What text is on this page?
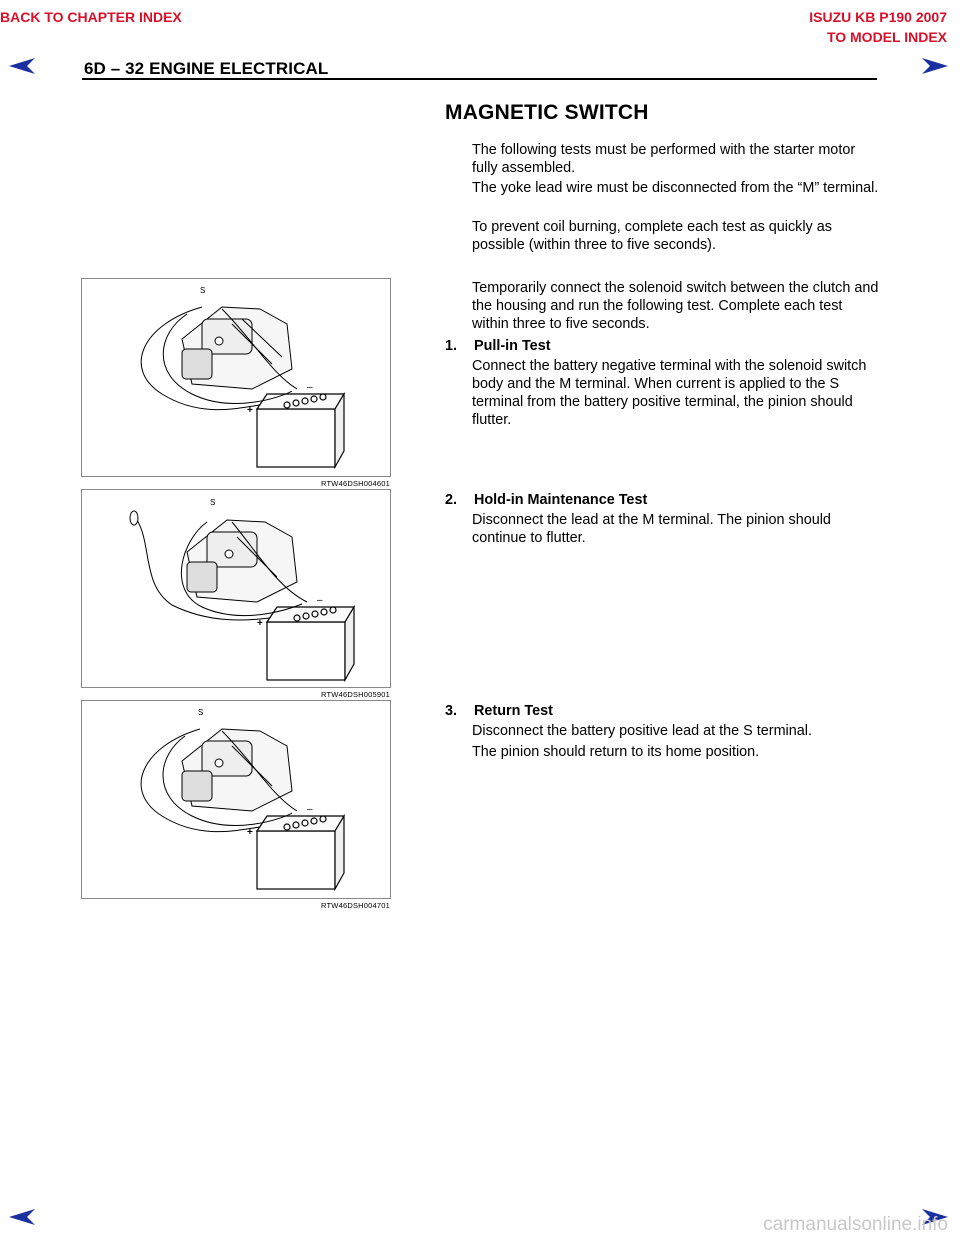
BACK TO CHAPTER INDEX	ISUZU KB P190 2007
TO MODEL INDEX
6D – 32 ENGINE ELECTRICAL
MAGNETIC SWITCH
The following tests must be performed with the starter motor fully assembled.
The yoke lead wire must be disconnected from the “M” terminal.
To prevent coil burning, complete each test as quickly as possible (within three to five seconds).
Temporarily connect the solenoid switch between the clutch and the housing and run the following test. Complete each test within three to five seconds.
1. Pull-in Test
Connect the battery negative terminal with the solenoid switch body and the M terminal. When current is applied to the S terminal from the battery positive terminal, the pinion should flutter.
2. Hold-in Maintenance Test
Disconnect the lead at the M terminal. The pinion should continue to flutter.
3. Return Test
Disconnect the battery positive lead at the S terminal.
The pinion should return to its home position.
S
+
–
RTW46DSH004601
S
+
–
RTW46DSH005901
S
+
–
RTW46DSH004701
carmanualsonline.info
